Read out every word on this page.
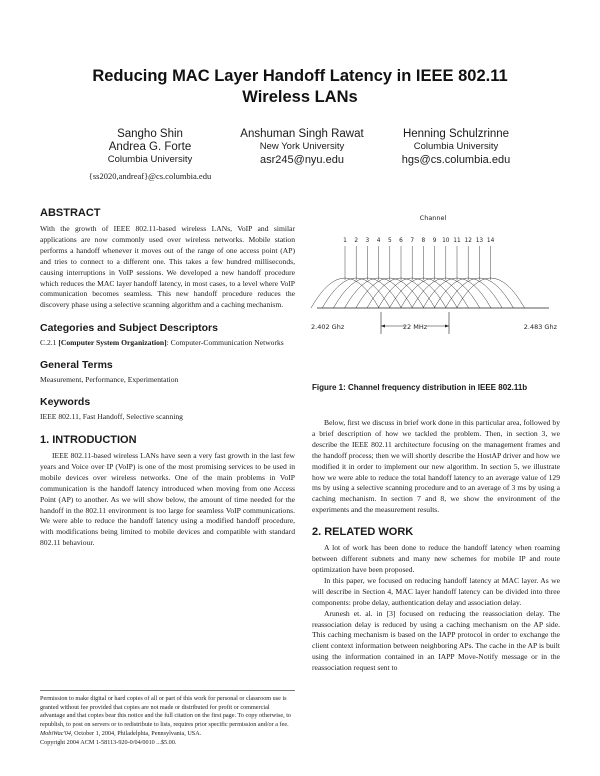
Reducing MAC Layer Handoff Latency in IEEE 802.11
Wireless LANs
Sangho Shin
Andrea G. Forte
Columbia University
{ss2020,andreaf}@cs.columbia.edu
Anshuman Singh Rawat
New York University
asr245@nyu.edu
Henning Schulzrinne
Columbia University
hgs@cs.columbia.edu
ABSTRACT

With the growth of IEEE 802.11-based wireless LANs, VoIP and similar applications are now commonly used over wireless networks. Mobile station performs a handoff whenever it moves out of the range of one access point (AP) and tries to connect to a different one. This takes a few hundred milliseconds, causing interruptions in VoIP sessions. We developed a new handoff procedure which reduces the MAC layer handoff latency, in most cases, to a level where VoIP communication becomes seamless. This new handoff procedure reduces the discovery phase using a selective scanning algorithm and a caching mechanism.

Categories and Subject Descriptors

C.2.1 [Computer System Organization]: Computer-Communication Networks

General Terms

Measurement, Performance, Experimentation

Keywords

IEEE 802.11, Fast Handoff, Selective scanning

1. INTRODUCTION

IEEE 802.11-based wireless LANs have seen a very fast growth in the last few years and Voice over IP (VoIP) is one of the most promising services to be used in mobile devices over wireless networks. One of the main problems in VoIP communication is the handoff latency introduced when moving from one Access Point (AP) to another. As we will show below, the amount of time needed for the handoff in the 802.11 environment is too large for seamless VoIP communications. We were able to reduce the handoff latency using a modified handoff procedure, with modifications being limited to mobile devices and compatible with standard 802.11 behaviour.

Permission to make digital or hard copies of all or part of this work for personal or classroom use is granted without fee provided that copies are not made or distributed for profit or commercial advantage and that copies bear this notice and the full citation on the first page. To copy otherwise, to republish, to post on servers or to redistribute to lists, requires prior specific permission and/or a fee.
MobiWac'04, October 1, 2004, Philadelphia, Pennsylvania, USA.
Copyright 2004 ACM 1-58113-920-0/04/0010 ...$5.00.
Channel
1 2 3 4 5 6 7 8 9 10 11 12 13 14
2.402 Ghz	2.483 Ghz
22 MHz
Figure 1: Channel frequency distribution in IEEE 802.11b

Below, first we discuss in brief work done in this particular area, followed by a brief description of how we tackled the problem. Then, in section 3, we describe the IEEE 802.11 architecture focusing on the management frames and the handoff process; then we will shortly describe the HostAP driver and how we modified it in order to implement our new algorithm. In section 5, we illustrate how we were able to reduce the total handoff latency to an average value of 129 ms by using a selective scanning procedure and to an average of 3 ms by using a caching mechanism. In section 7 and 8, we show the environment of the experiments and the measurement results.

2. RELATED WORK

A lot of work has been done to reduce the handoff latency when roaming between different subnets and many new schemes for mobile IP and route optimization have been proposed.

In this paper, we focused on reducing handoff latency at MAC layer. As we will describe in Section 4, MAC layer handoff latency can be divided into three components: probe delay, authentication delay and association delay.

Arunesh et. al. in [3] focused on reducing the reassociation delay. The reassociation delay is reduced by using a caching mechanism on the AP side. This caching mechanism is based on the IAPP protocol in order to exchange the client context information between neighboring APs. The cache in the AP is built using the information contained in an IAPP Move-Notify message or in the reassociation request sent to
